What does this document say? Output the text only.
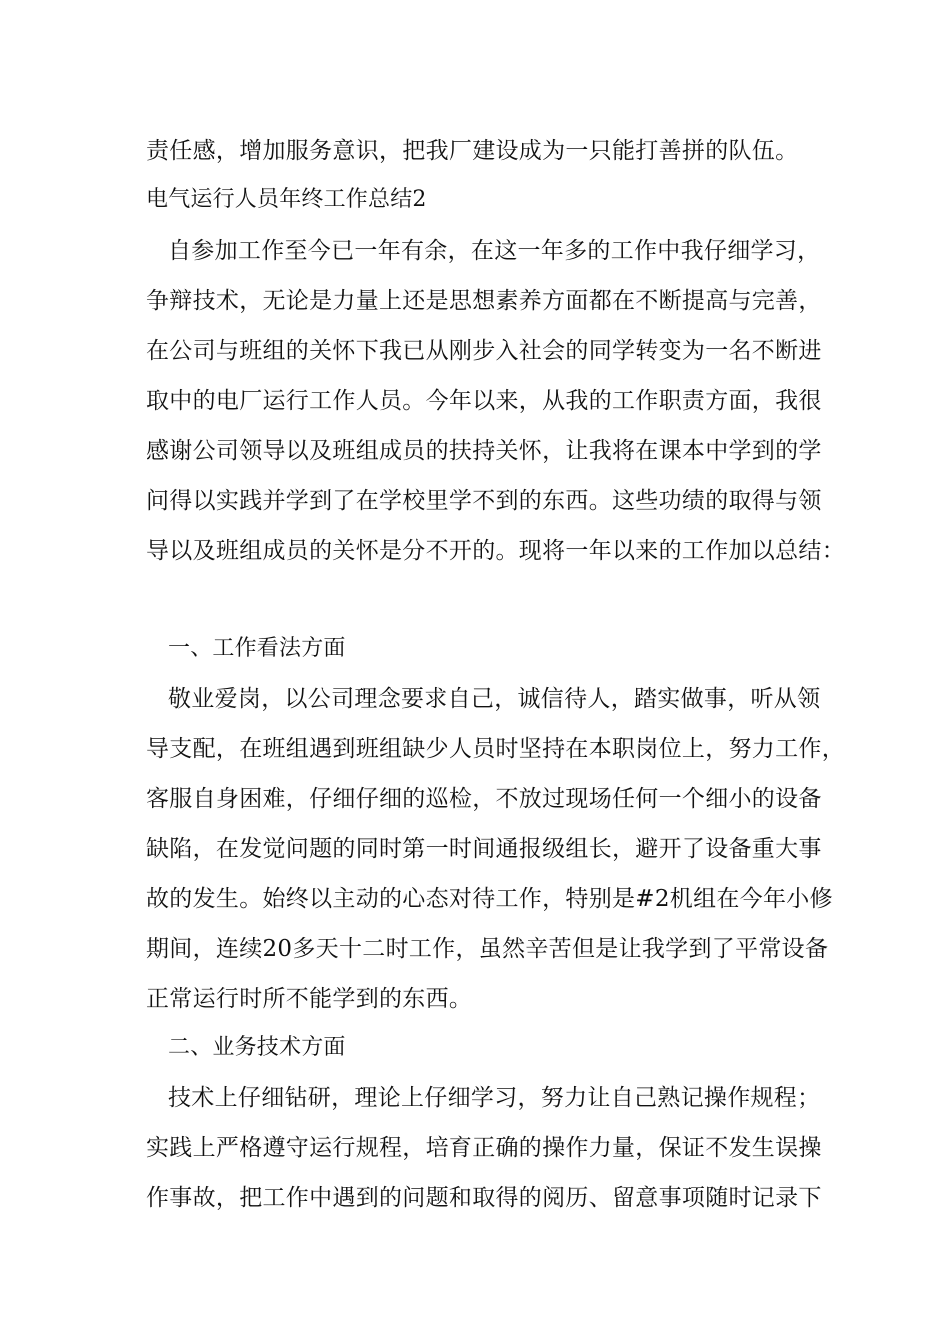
责任感，增加服务意识，把我厂建设成为一只能打善拼的队伍。
电气运行人员年终工作总结2
自参加工作至今已一年有余，在这一年多的工作中我仔细学习，
争辩技术，无论是力量上还是思想素养方面都在不断提高与完善，
在公司与班组的关怀下我已从刚步入社会的同学转变为一名不断进
取中的电厂运行工作人员。今年以来，从我的工作职责方面，我很
感谢公司领导以及班组成员的扶持关怀，让我将在课本中学到的学
问得以实践并学到了在学校里学不到的东西。这些功绩的取得与领
导以及班组成员的关怀是分不开的。现将一年以来的工作加以总结：
一、工作看法方面
敬业爱岗，以公司理念要求自己，诚信待人，踏实做事，听从领
导支配，在班组遇到班组缺少人员时坚持在本职岗位上，努力工作，
客服自身困难，仔细仔细的巡检，不放过现场任何一个细小的设备
缺陷，在发觉问题的同时第一时间通报级组长，避开了设备重大事
故的发生。始终以主动的心态对待工作，特别是#2机组在今年小修
期间，连续20多天十二时工作，虽然辛苦但是让我学到了平常设备
正常运行时所不能学到的东西。
二、业务技术方面
技术上仔细钻研，理论上仔细学习，努力让自己熟记操作规程；
实践上严格遵守运行规程，培育正确的操作力量，保证不发生误操
作事故，把工作中遇到的问题和取得的阅历、留意事项随时记录下
